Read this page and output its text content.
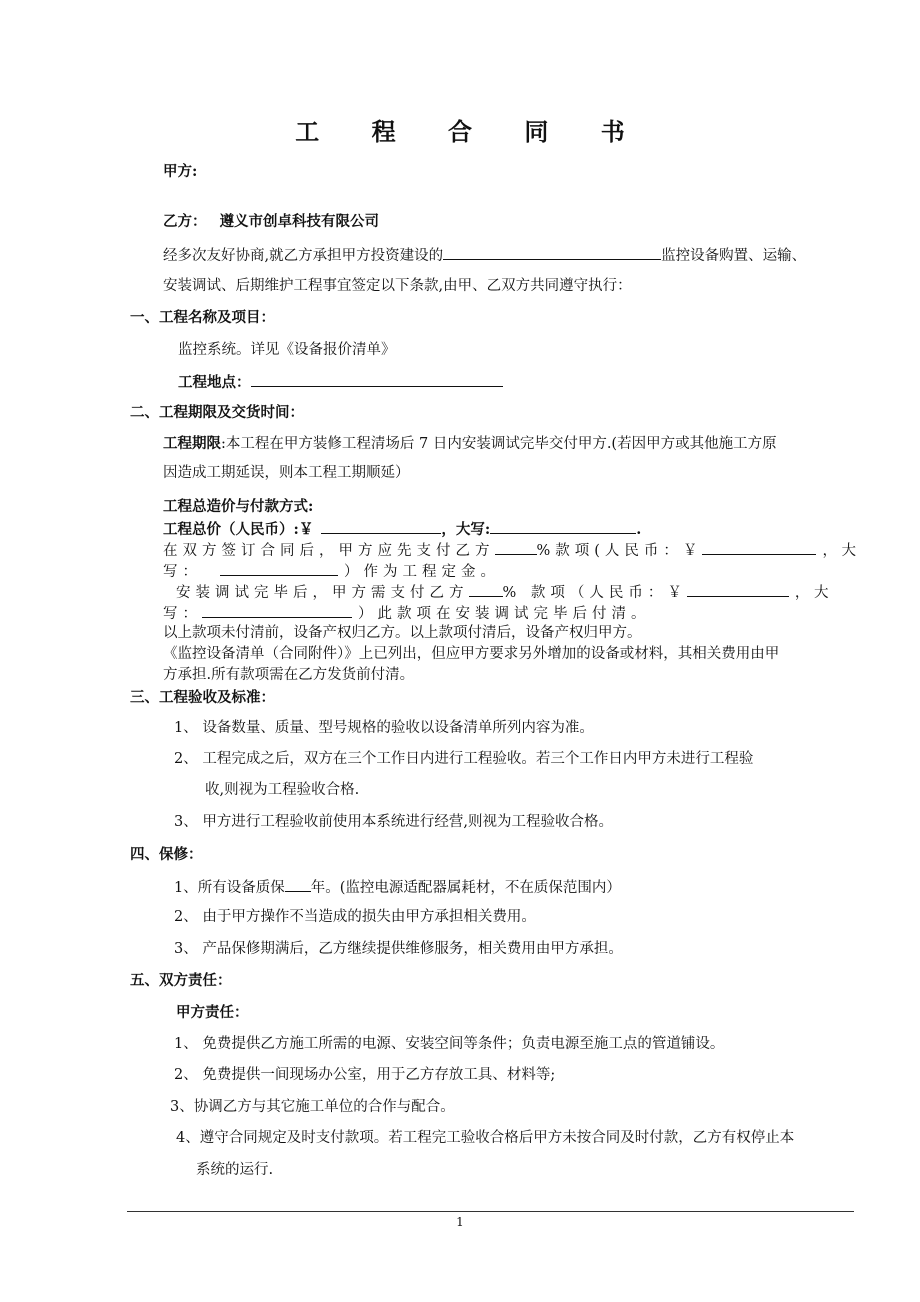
工 程 合 同 书
甲方:
乙方： 遵义市创卓科技有限公司
经多次友好协商,就乙方承担甲方投资建设的	监控设备购置、运输、
安装调试、后期维护工程事宜签定以下条款,由甲、乙双方共同遵守执行：
一、工程名称及项目：
监控系统。详见《设备报价清单》
工程地点：
二、工程期限及交货时间：
工程期限:本工程在甲方装修工程清场后 7 日内安装调试完毕交付甲方.(若因甲方或其他施工方原
因造成工期延误，则本工程工期顺延）
工程总造价与付款方式:
工程总价（人民币）:￥	，大写:	.
在双方签订合同后，甲方应先支付乙方	%款项(人民币：￥	， 大
写：	）作为工程定金。
安装调试完毕后，甲方需支付乙方 % 款项（人民币：￥	， 大
写：	）此款项在安装调试完毕后付清。
以上款项未付清前，设备产权归乙方。以上款项付清后，设备产权归甲方。
《监控设备清单（合同附件）》上已列出，但应甲方要求另外增加的设备或材料，其相关费用由甲
方承担.所有款项需在乙方发货前付清。
三、工程验收及标准：
1、 设备数量、质量、型号规格的验收以设备清单所列内容为准。
2、 工程完成之后，双方在三个工作日内进行工程验收。若三个工作日内甲方未进行工程验
收,则视为工程验收合格.
3、 甲方进行工程验收前使用本系统进行经营,则视为工程验收合格。
四、保修：
1、所有设备质保 年。(监控电源适配器属耗材，不在质保范围内）
2、 由于甲方操作不当造成的损失由甲方承担相关费用。
3、 产品保修期满后，乙方继续提供维修服务，相关费用由甲方承担。
五、双方责任：
甲方责任：
1、 免费提供乙方施工所需的电源、安装空间等条件；负责电源至施工点的管道铺设。
2、 免费提供一间现场办公室，用于乙方存放工具、材料等;
3、协调乙方与其它施工单位的合作与配合。
4、遵守合同规定及时支付款项。若工程完工验收合格后甲方未按合同及时付款，乙方有权停止本
系统的运行.
1
